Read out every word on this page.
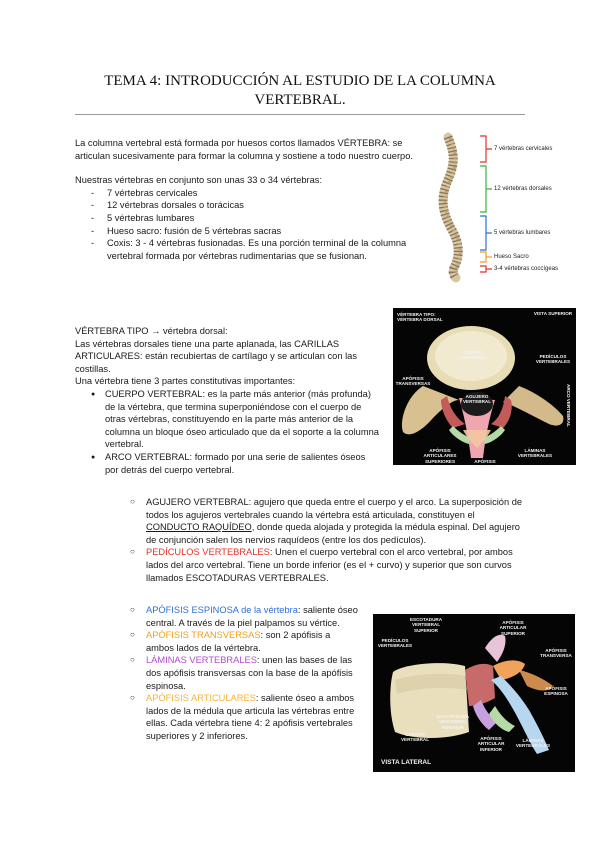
TEMA 4: INTRODUCCIÓN AL ESTUDIO DE LA COLUMNA VERTEBRAL.

La columna vertebral está formada por huesos cortos llamados VÉRTEBRA: se articulan sucesivamente para formar la columna y sostiene a todo nuestro cuerpo.

Nuestras vértebras en conjunto son unas 33 o 34 vértebras:

- 7 vértebras cervicales
- 12 vértebras dorsales o torácicas
- 5 vértebras lumbares
- Hueso sacro: fusión de 5 vértebras sacras
- Coxis: 3 - 4 vértebras fusionadas. Es una porción terminal de la columna vertebral formada por vértebras rudimentarias que se fusionan.
7 vértebras cervicales
12 vértebras dorsales
5 vértebras lumbares
Hueso Sacro
3-4 vértebras coccígeas

VÉRTEBRA TIPO → vértebra dorsal:

Las vértebras dorsales tiene una parte aplanada, las CARILLAS ARTICULARES: están recubiertas de cartílago y se articulan con las costillas.

Una vértebra tiene 3 partes constitutivas importantes:

● CUERPO VERTEBRAL: es la parte más anterior (más profunda) de la vértebra, que termina superponiéndose con el cuerpo de otras vértebras, constituyendo en la parte más anterior de la columna un bloque óseo articulado que da el soporte a la columna vertebral.
● ARCO VERTEBRAL: formado por una serie de salientes óseos por detrás del cuerpo vertebral.
VÉRTEBRA TIPO: VÉRTEBRA DORSAL
VISTA SUPERIOR
CUERPO VERTEBRAL	PEDÍCULOS VERTEBRALES
APÓFISIS TRANSVERSAS
AGUJERO VERTEBRAL
APÓFISIS ARTICULARES SUPERIORES
LÁMINAS VERTEBRALES
APÓFISIS ESPINOSA
ARCO VERTEBRAL
○ AGUJERO VERTEBRAL: agujero que queda entre el cuerpo y el arco. La superposición de todos los agujeros vertebrales cuando la vértebra está articulada, constituyen el CONDUCTO RAQUÍDEO, donde queda alojada y protegida la médula espinal. Del agujero de conjunción salen los nervios raquídeos (entre los dos pedículos).
○ PEDÍCULOS VERTEBRALES: Unen el cuerpo vertebral con el arco vertebral, por ambos lados del arco vertebral. Tiene un borde inferior (es el + curvo) y superior que son curvos llamados ESCOTADURAS VERTEBRALES.
○ APÓFISIS ESPINOSA de la vértebra: saliente óseo central. A través de la piel palpamos su vértice.
○ APÓFISIS TRANSVERSAS: son 2 apófisis a ambos lados de la vértebra.
○ LÁMINAS VERTEBRALES: unen las bases de las dos apófisis transversas con la base de la apófisis espinosa.
○ APÓFISIS ARTICULARES: saliente óseo a ambos lados de la médula que articula las vértebras entre ellas. Cada vértebra tiene 4: 2 apófisis vertebrales superiores y 2 inferiores.
ESCOTADURA VERTEBRAL SUPERIOR
APÓFISIS ARTICULAR SUPERIOR
PEDÍCULOS VERTEBRALES
APÓFISIS TRANSVERSA
APÓFISIS ESPINOSA
ESCOTADURA VERTEBRAL INFERIOR
CUERPO VERTEBRAL	APÓFISIS ARTICULAR INFERIOR
LÁMINAS VERTEBRALES
VISTA LATERAL
